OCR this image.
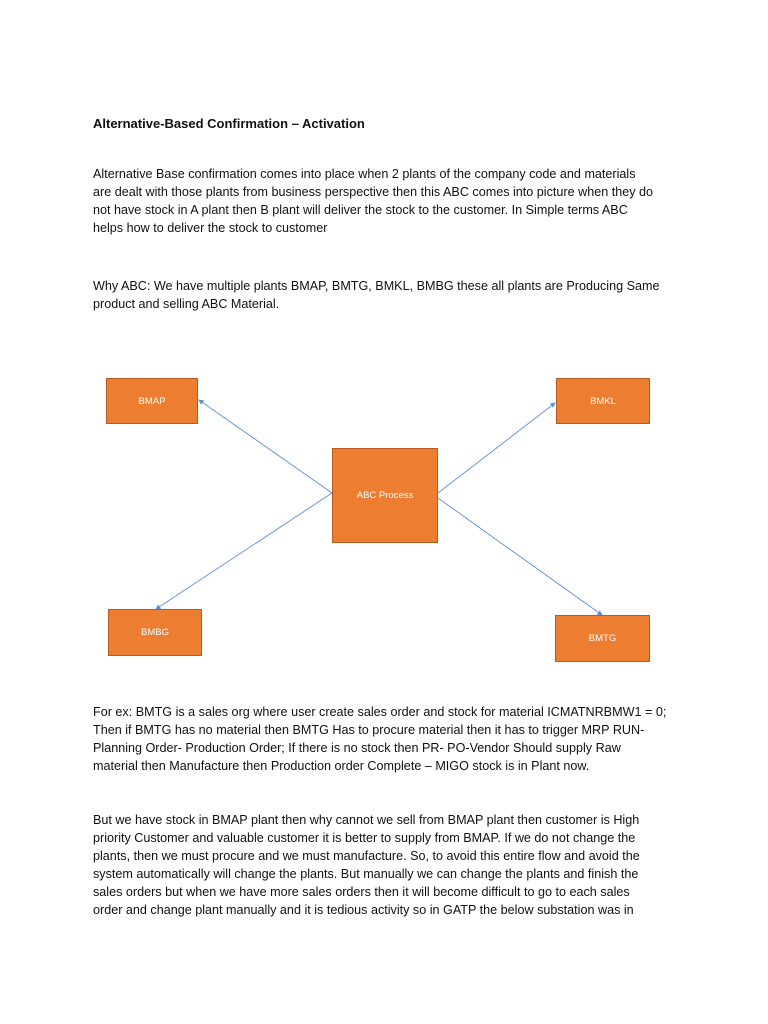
Alternative-Based Confirmation – Activation

Alternative Base confirmation comes into place when 2 plants of the company code and materials
are dealt with those plants from business perspective then this ABC comes into picture when they do
not have stock in A plant then B plant will deliver the stock to the customer. In Simple terms ABC
helps how to deliver the stock to customer

Why ABC: We have multiple plants BMAP, BMTG, BMKL, BMBG these all plants are Producing Same
product and selling ABC Material.

BMAP	BMKL
ABC Process
BMBG
BMTG

For ex: BMTG is a sales org where user create sales order and stock for material ICMATNRBMW1 = 0;
Then if BMTG has no material then BMTG Has to procure material then it has to trigger MRP RUN-
Planning Order- Production Order; If there is no stock then PR- PO-Vendor Should supply Raw
material then Manufacture then Production order Complete – MIGO stock is in Plant now.

But we have stock in BMAP plant then why cannot we sell from BMAP plant then customer is High
priority Customer and valuable customer it is better to supply from BMAP. If we do not change the
plants, then we must procure and we must manufacture. So, to avoid this entire flow and avoid the
system automatically will change the plants. But manually we can change the plants and finish the
sales orders but when we have more sales orders then it will become difficult to go to each sales
order and change plant manually and it is tedious activity so in GATP the below substation was in
